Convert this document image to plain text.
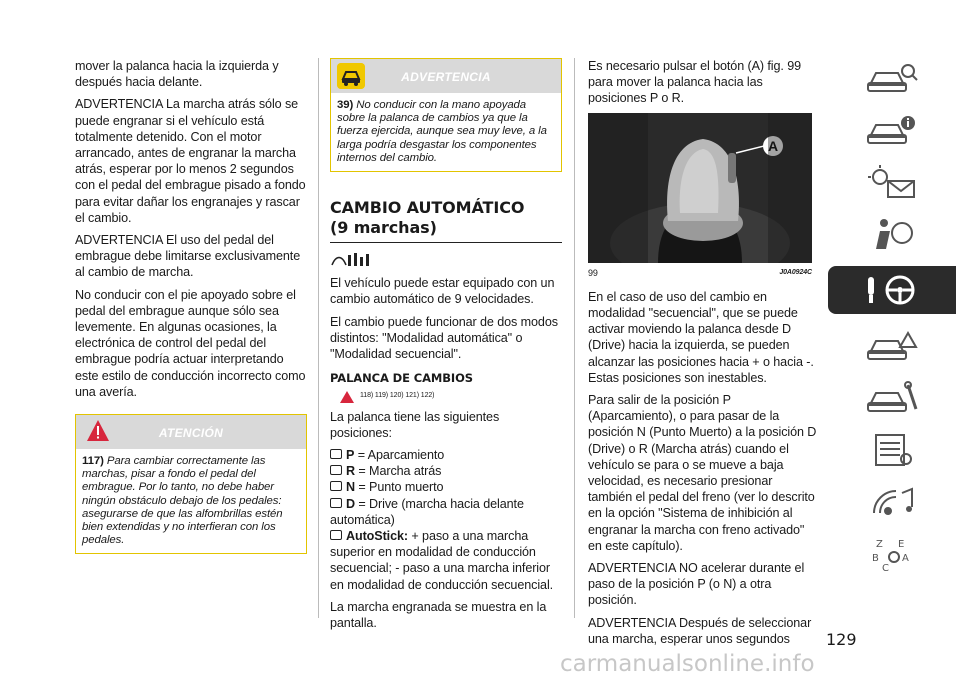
mover la palanca hacia la izquierda y después hacia delante.

ADVERTENCIA La marcha atrás sólo se puede engranar si el vehículo está totalmente detenido. Con el motor arrancado, antes de engranar la marcha atrás, esperar por lo menos 2 segundos con el pedal del embrague pisado a fondo para evitar dañar los engranajes y rascar el cambio.

ADVERTENCIA El uso del pedal del embrague debe limitarse exclusivamente al cambio de marcha.

No conducir con el pie apoyado sobre el pedal del embrague aunque sólo sea levemente. En algunas ocasiones, la electrónica de control del pedal del embrague podría actuar interpretando este estilo de conducción incorrecto como una avería.

ATENCIÓN
117) Para cambiar correctamente las marchas, pisar a fondo el pedal del embrague. Por lo tanto, no debe haber ningún obstáculo debajo de los pedales: asegurarse de que las alfombrillas estén bien extendidas y no interfieran con los pedales.
ADVERTENCIA
39) No conducir con la mano apoyada sobre la palanca de cambios ya que la fuerza ejercida, aunque sea muy leve, a la larga podría desgastar los componentes internos del cambio.
CAMBIO AUTOMÁTICO
(9 marchas)

El vehículo puede estar equipado con un cambio automático de 9 velocidades.

El cambio puede funcionar de dos modos distintos: "Modalidad automática" o "Modalidad secuencial".

PALANCA DE CAMBIOS
118) 119) 120) 121) 122)

La palanca tiene las siguientes posiciones:

P = Aparcamiento
R = Marcha atrás
N = Punto muerto
D = Drive (marcha hacia delante automática)
AutoStick: + paso a una marcha superior en modalidad de conducción secuencial; - paso a una marcha inferior en modalidad de conducción secuencial.

La marcha engranada se muestra en la pantalla.

Es necesario pulsar el botón (A) fig. 99 para mover la palanca hacia las posiciones P o R.

A
99	J0A0924C

En el caso de uso del cambio en modalidad "secuencial", que se puede activar moviendo la palanca desde D (Drive) hacia la izquierda, se pueden alcanzar las posiciones hacia + o hacia -. Estas posiciones son inestables.

Para salir de la posición P (Aparcamiento), o para pasar de la posición N (Punto Muerto) a la posición D (Drive) o R (Marcha atrás) cuando el vehículo se para o se mueve a baja velocidad, es necesario presionar también el pedal del freno (ver lo descrito en la opción "Sistema de inhibición al engranar la marcha con freno activado" en este capítulo).

ADVERTENCIA NO acelerar durante el paso de la posición P (o N) a otra posición.

ADVERTENCIA Después de seleccionar una marcha, esperar unos segundos

Z E
B A
C
129
carmanualsonline.info
